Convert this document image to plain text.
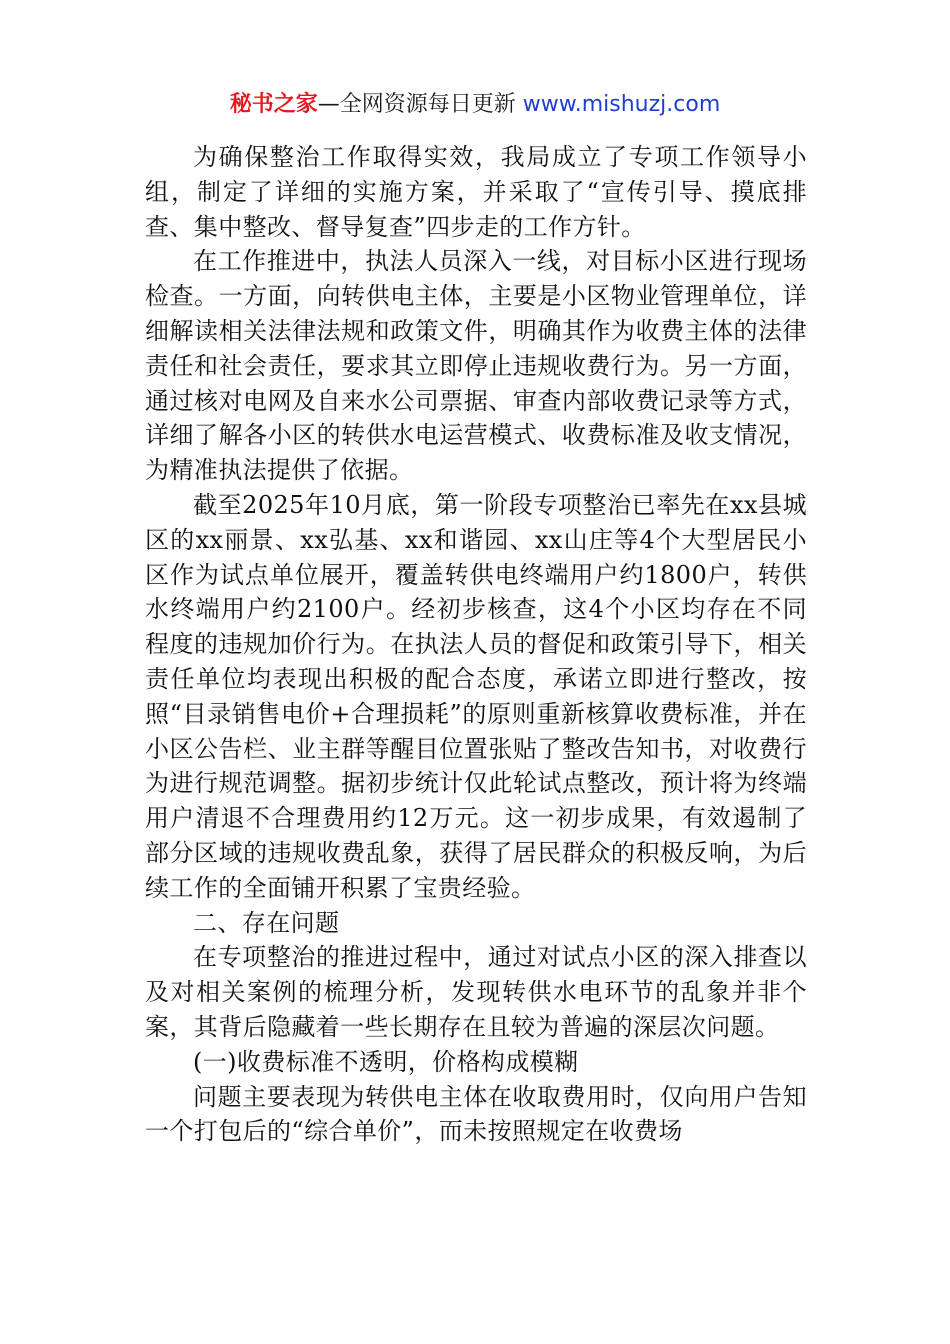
秘书之家—全网资源每日更新 www.mishuzj.com

为确保整治工作取得实效，我局成立了专项工作领导小组，制定了详细的实施方案，并采取了“宣传引导、摸底排查、集中整改、督导复查”四步走的工作方针。

在工作推进中，执法人员深入一线，对目标小区进行现场检查。一方面，向转供电主体，主要是小区物业管理单位，详细解读相关法律法规和政策文件，明确其作为收费主体的法律责任和社会责任，要求其立即停止违规收费行为。另一方面，通过核对电网及自来水公司票据、审查内部收费记录等方式，详细了解各小区的转供水电运营模式、收费标准及收支情况，为精准执法提供了依据。

截至2025年10月底，第一阶段专项整治已率先在xx县城区的xx丽景、xx弘基、xx和谐园、xx山庄等4个大型居民小区作为试点单位展开，覆盖转供电终端用户约1800户，转供水终端用户约2100户。经初步核查，这4个小区均存在不同程度的违规加价行为。在执法人员的督促和政策引导下，相关责任单位均表现出积极的配合态度，承诺立即进行整改，按照“目录销售电价+合理损耗”的原则重新核算收费标准，并在小区公告栏、业主群等醒目位置张贴了整改告知书，对收费行为进行规范调整。据初步统计仅此轮试点整改，预计将为终端用户清退不合理费用约12万元。这一初步成果，有效遏制了部分区域的违规收费乱象，获得了居民群众的积极反响，为后续工作的全面铺开积累了宝贵经验。

二、存在问题

在专项整治的推进过程中，通过对试点小区的深入排查以及对相关案例的梳理分析，发现转供水电环节的乱象并非个案，其背后隐藏着一些长期存在且较为普遍的深层次问题。

(一)收费标准不透明，价格构成模糊

问题主要表现为转供电主体在收取费用时，仅向用户告知一个打包后的“综合单价”，而未按照规定在收费场
